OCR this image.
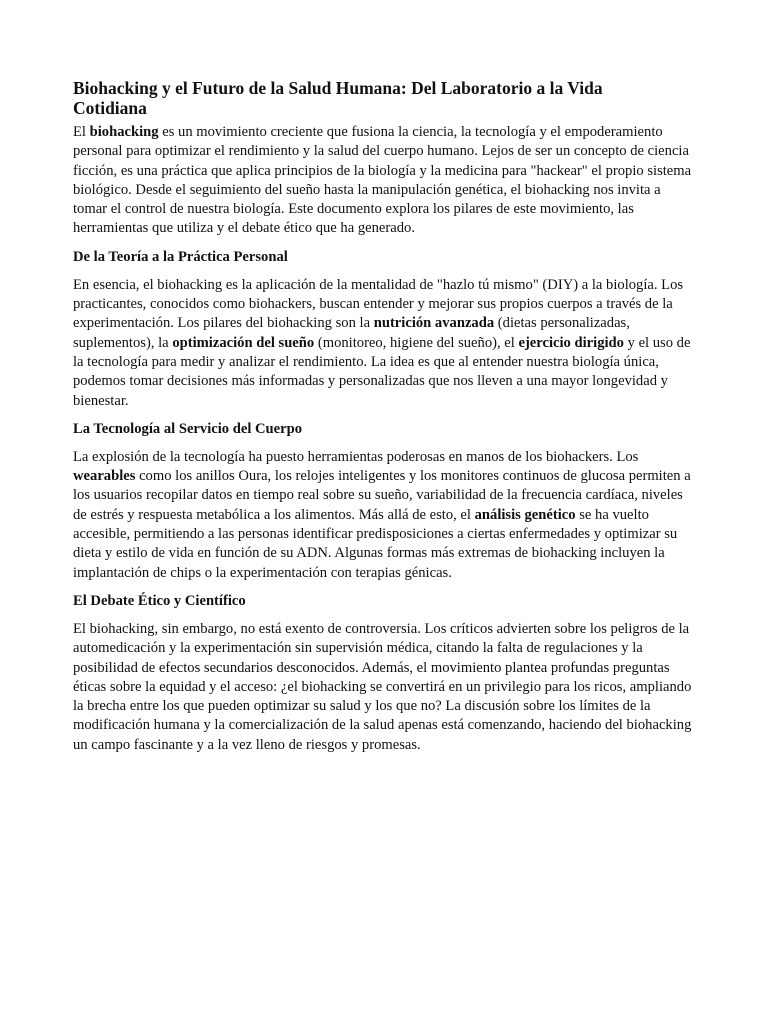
Biohacking y el Futuro de la Salud Humana: Del Laboratorio a la Vida Cotidiana

El biohacking es un movimiento creciente que fusiona la ciencia, la tecnología y el empoderamiento personal para optimizar el rendimiento y la salud del cuerpo humano. Lejos de ser un concepto de ciencia ficción, es una práctica que aplica principios de la biología y la medicina para "hackear" el propio sistema biológico. Desde el seguimiento del sueño hasta la manipulación genética, el biohacking nos invita a tomar el control de nuestra biología. Este documento explora los pilares de este movimiento, las herramientas que utiliza y el debate ético que ha generado.

De la Teoría a la Práctica Personal

En esencia, el biohacking es la aplicación de la mentalidad de "hazlo tú mismo" (DIY) a la biología. Los practicantes, conocidos como biohackers, buscan entender y mejorar sus propios cuerpos a través de la experimentación. Los pilares del biohacking son la nutrición avanzada (dietas personalizadas, suplementos), la optimización del sueño (monitoreo, higiene del sueño), el ejercicio dirigido y el uso de la tecnología para medir y analizar el rendimiento. La idea es que al entender nuestra biología única, podemos tomar decisiones más informadas y personalizadas que nos lleven a una mayor longevidad y bienestar.

La Tecnología al Servicio del Cuerpo

La explosión de la tecnología ha puesto herramientas poderosas en manos de los biohackers. Los wearables como los anillos Oura, los relojes inteligentes y los monitores continuos de glucosa permiten a los usuarios recopilar datos en tiempo real sobre su sueño, variabilidad de la frecuencia cardíaca, niveles de estrés y respuesta metabólica a los alimentos. Más allá de esto, el análisis genético se ha vuelto accesible, permitiendo a las personas identificar predisposiciones a ciertas enfermedades y optimizar su dieta y estilo de vida en función de su ADN. Algunas formas más extremas de biohacking incluyen la implantación de chips o la experimentación con terapias génicas.

El Debate Ético y Científico

El biohacking, sin embargo, no está exento de controversia. Los críticos advierten sobre los peligros de la automedicación y la experimentación sin supervisión médica, citando la falta de regulaciones y la posibilidad de efectos secundarios desconocidos. Además, el movimiento plantea profundas preguntas éticas sobre la equidad y el acceso: ¿el biohacking se convertirá en un privilegio para los ricos, ampliando la brecha entre los que pueden optimizar su salud y los que no? La discusión sobre los límites de la modificación humana y la comercialización de la salud apenas está comenzando, haciendo del biohacking un campo fascinante y a la vez lleno de riesgos y promesas.
